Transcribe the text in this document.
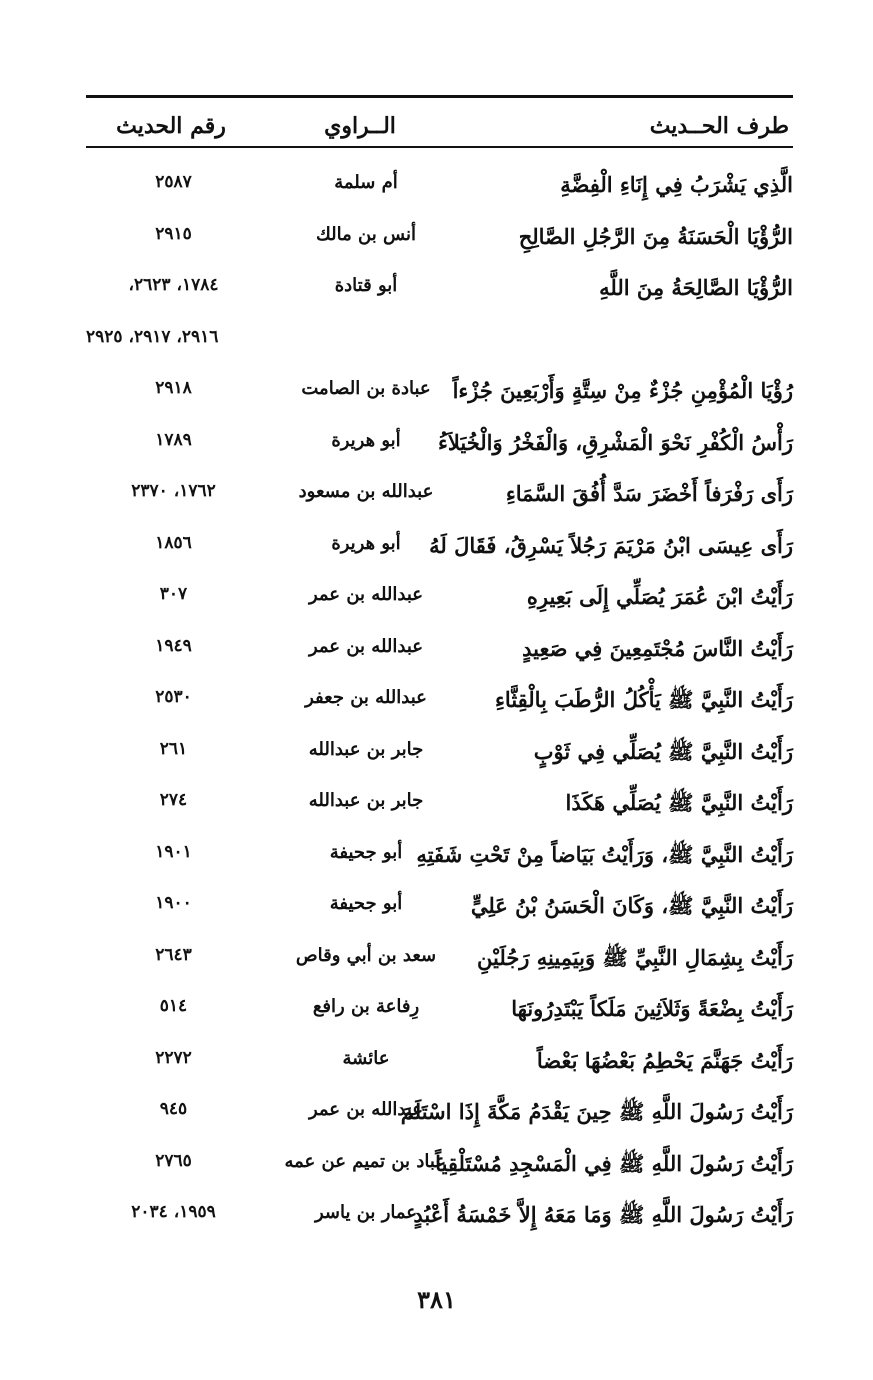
طرف الحــديث
الــراوي
رقم الحديث
الَّذِي يَشْرَبُ فِي إِنَاءِ الْفِضَّةِ
أم سلمة
٢٥٨٧
الرُّؤْيَا الْحَسَنَةُ مِنَ الرَّجُلِ الصَّالِحِ
أنس بن مالك
٢٩١٥
الرُّؤْيَا الصَّالِحَةُ مِنَ اللَّهِ
أبو قتادة
١٧٨٤، ٢٦٢٣،
٢٩١٦، ٢٩١٧، ٢٩٢٥
رُؤْيَا الْمُؤْمِنِ جُزْءٌ مِنْ سِتَّةٍ وَأَرْبَعِينَ جُزْءاً
عبادة بن الصامت
٢٩١٨
رَأْسُ الْكُفْرِ نَحْوَ الْمَشْرِقِ، وَالْفَخْرُ وَالْخُيَلاَءُ
أبو هريرة
١٧٨٩
رَأَى رَفْرَفاً أَخْضَرَ سَدَّ أُفُقَ السَّمَاءِ
عبدالله بن مسعود
١٧٦٢، ٢٣٧٠
رَأَى عِيسَى ابْنُ مَرْيَمَ رَجُلاً يَسْرِقُ، فَقَالَ لَهُ
أبو هريرة
١٨٥٦
رَأَيْتُ ابْنَ عُمَرَ يُصَلِّي إِلَى بَعِيرِهِ
عبدالله بن عمر
٣٠٧
رَأَيْتُ النَّاسَ مُجْتَمِعِينَ فِي صَعِيدٍ
عبدالله بن عمر
١٩٤٩
رَأَيْتُ النَّبِيَّ ﷺ يَأْكُلُ الرُّطَبَ بِالْقِثَّاءِ
عبدالله بن جعفر
٢٥٣٠
رَأَيْتُ النَّبِيَّ ﷺ يُصَلِّي فِي ثَوْبٍ
جابر بن عبدالله
٢٦١
رَأَيْتُ النَّبِيَّ ﷺ يُصَلِّي هَكَذَا
جابر بن عبدالله
٢٧٤
رَأَيْتُ النَّبِيَّ ﷺ، وَرَأَيْتُ بَيَاضاً مِنْ تَحْتِ شَفَتِهِ
أبو جحيفة
١٩٠١
رَأَيْتُ النَّبِيَّ ﷺ، وَكَانَ الْحَسَنُ بْنُ عَلِيٍّ
أبو جحيفة
١٩٠٠
رَأَيْتُ بِشِمَالِ النَّبِيِّ ﷺ وَبِيَمِينِهِ رَجُلَيْنِ
سعد بن أبي وقاص
٢٦٤٣
رَأَيْتُ بِضْعَةً وَثَلاَثِينَ مَلَكاً يَبْتَدِرُونَهَا
رِفاعة بن رافع
٥١٤
رَأَيْتُ جَهَنَّمَ يَحْطِمُ بَعْضُهَا بَعْضاً
عائشة
٢٢٧٢
رَأَيْتُ رَسُولَ اللَّهِ ﷺ حِينَ يَقْدَمُ مَكَّةَ إِذَا اسْتَلَمَ
عبدالله بن عمر
٩٤٥
رَأَيْتُ رَسُولَ اللَّهِ ﷺ فِي الْمَسْجِدِ مُسْتَلْقِياً
عباد بن تميم عن عمه
٢٧٦٥
رَأَيْتُ رَسُولَ اللَّهِ ﷺ وَمَا مَعَهُ إِلاَّ خَمْسَةُ أَعْبُدٍ
عمار بن ياسر
١٩٥٩، ٢٠٣٤
٣٨١
